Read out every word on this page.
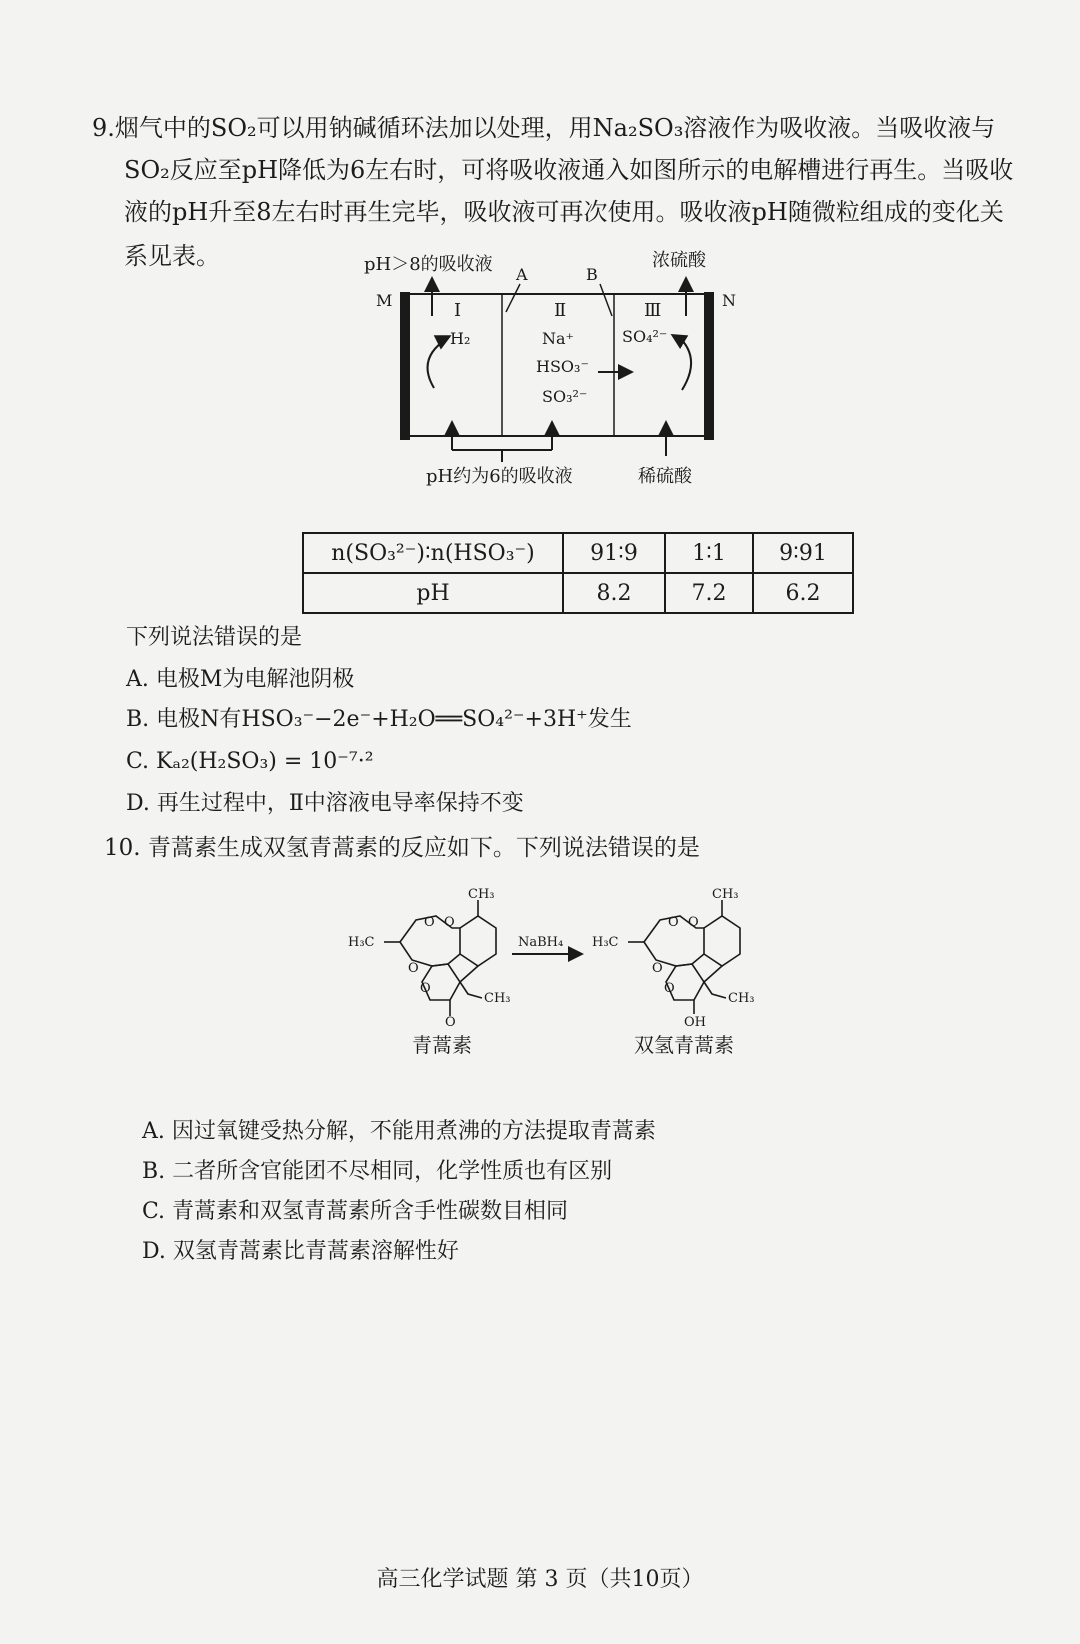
9.烟气中的SO₂可以用钠碱循环法加以处理，用Na₂SO₃溶液作为吸收液。当吸收液与
SO₂反应至pH降低为6左右时，可将吸收液通入如图所示的电解槽进行再生。当吸收
液的pH升至8左右时再生完毕，吸收液可再次使用。吸收液pH随微粒组成的变化关
系见表。	pH＞8的吸收液	浓硫酸
A	B
M	N
Ⅰ	Ⅱ	Ⅲ
H₂	Na⁺
HSO₃⁻
SO₃²⁻
SO₄²⁻
pH约为6的吸收液	稀硫酸
n(SO₃²⁻)∶n(HSO₃⁻)	91∶9	1∶1	9∶91
pH	8.2	7.2	6.2
下列说法错误的是
A. 电极M为电解池阴极
B. 电极N有HSO₃⁻−2e⁻+H₂O══SO₄²⁻+3H⁺发生
C. Kₐ₂(H₂SO₃) = 10⁻⁷·²
D. 再生过程中，Ⅱ中溶液电导率保持不变
10. 青蒿素生成双氢青蒿素的反应如下。下列说法错误的是
CH₃
H₃C
O O
O
O
CH₃
O
青蒿素
NaBH₄
CH₃
H₃C
O O
O
O
CH₃
OH
双氢青蒿素
A. 因过氧键受热分解，不能用煮沸的方法提取青蒿素
B. 二者所含官能团不尽相同，化学性质也有区别
C. 青蒿素和双氢青蒿素所含手性碳数目相同
D. 双氢青蒿素比青蒿素溶解性好
高三化学试题 第 3 页（共10页）
